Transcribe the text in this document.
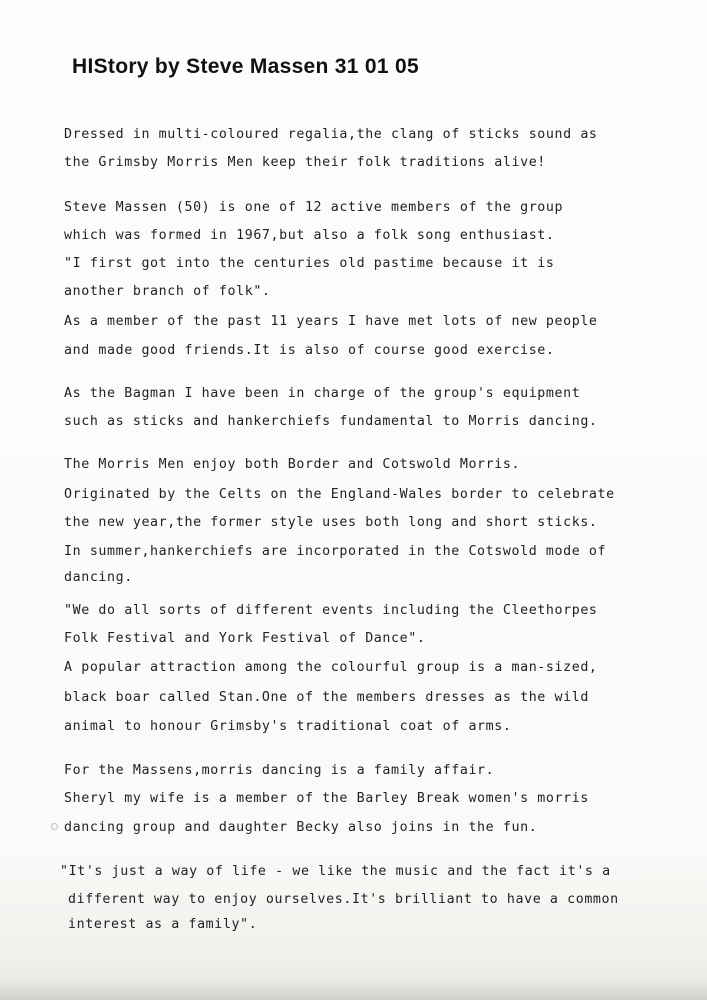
HIStory by Steve Massen 31 01 05

Dressed in multi-coloured regalia,the clang of sticks sound as

the Grimsby Morris Men keep their folk traditions alive!

Steve Massen (50) is one of 12 active members of the group

which was formed in 1967,but also a folk song enthusiast.

"I first got into the centuries old pastime because it is

another branch of folk".

As a member of the past 11 years I have met lots of new people

and made good friends.It is also of course good exercise.

As the Bagman I have been in charge of the group's equipment

such as sticks and hankerchiefs fundamental to Morris dancing.

The Morris Men enjoy both Border and Cotswold Morris.

Originated by the Celts on the England-Wales border to celebrate

the new year,the former style uses both long and short sticks.

In summer,hankerchiefs are incorporated in the Cotswold mode of

dancing.

"We do all sorts of different events including the Cleethorpes

Folk Festival and York Festival of Dance".

A popular attraction among the colourful group is a man-sized,

black boar called Stan.One of the members dresses as the wild

animal to honour Grimsby's traditional coat of arms.

For the Massens,morris dancing is a family affair.

Sheryl my wife is a member of the Barley Break women's morris

dancing group and daughter Becky also joins in the fun.

"It's just a way of life - we like the music and the fact it's a

different way to enjoy ourselves.It's brilliant to have a common

interest as a family".
